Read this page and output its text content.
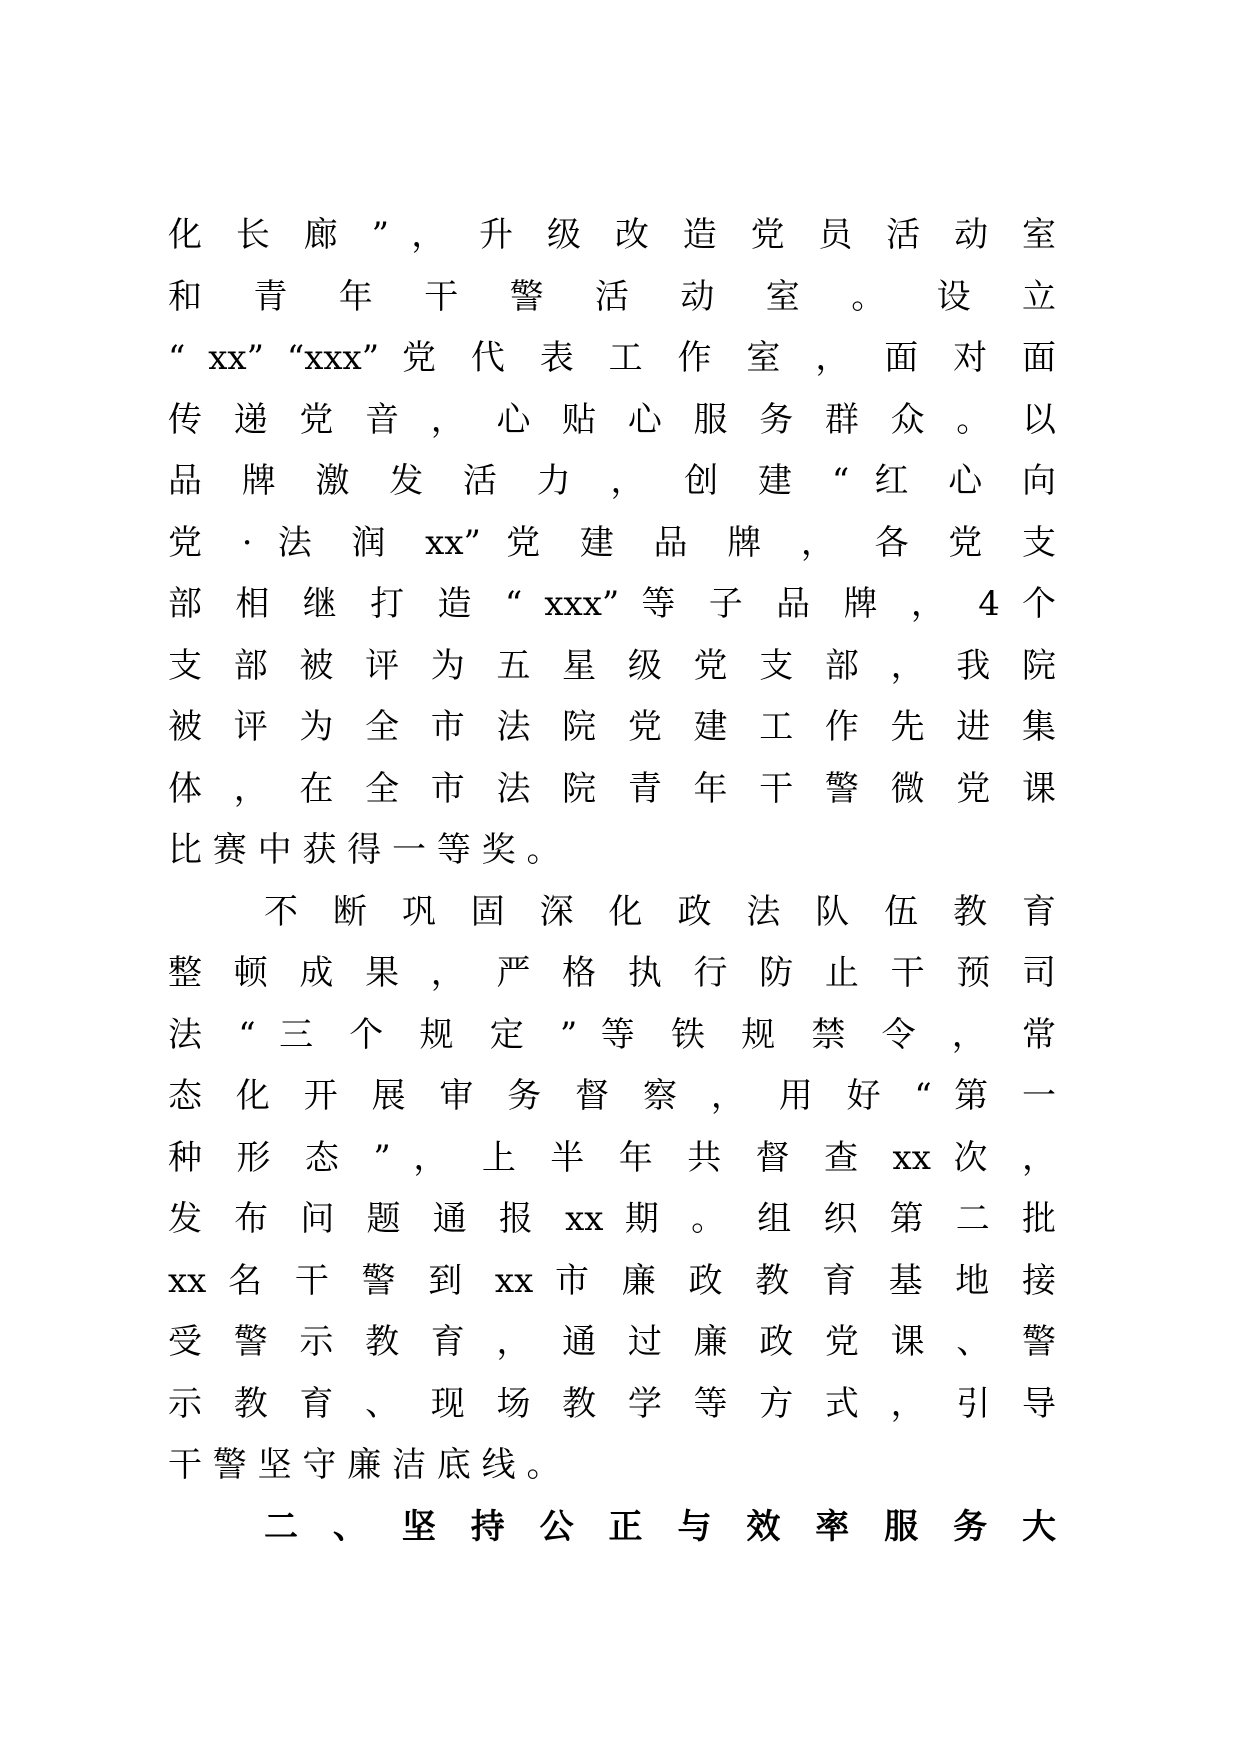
化 长 廊 ” ， 升 级 改 造 党 员 活 动 室
和 青 年 干 警 活 动 室 。 设 立
“ xx” “xxx” 党 代 表 工 作 室 ， 面 对 面
传 递 党 音 ， 心 贴 心 服 务 群 众 。 以
品 牌 激 发 活 力 ， 创 建 “ 红 心 向
党 · 法 润 xx” 党 建 品 牌 ， 各 党 支
部 相 继 打 造 “ xxx” 等 子 品 牌 ， 4 个
支 部 被 评 为 五 星 级 党 支 部 ， 我 院
被 评 为 全 市 法 院 党 建 工 作 先 进 集
体 ， 在 全 市 法 院 青 年 干 警 微 党 课
比 赛 中 获 得 一 等 奖 。
不 断 巩 固 深 化 政 法 队 伍 教 育
整 顿 成 果 ， 严 格 执 行 防 止 干 预 司
法 “ 三 个 规 定 ” 等 铁 规 禁 令 ， 常
态 化 开 展 审 务 督 察 ， 用 好 “ 第 一
种 形 态 ” ， 上 半 年 共 督 查 xx 次 ，
发 布 问 题 通 报 xx 期 。 组 织 第 二 批
xx 名 干 警 到 xx 市 廉 政 教 育 基 地 接
受 警 示 教 育 ， 通 过 廉 政 党 课 、 警
示 教 育 、 现 场 教 学 等 方 式 ， 引 导
干 警 坚 守 廉 洁 底 线 。
二 、 坚 持 公 正 与 效 率 服 务 大
